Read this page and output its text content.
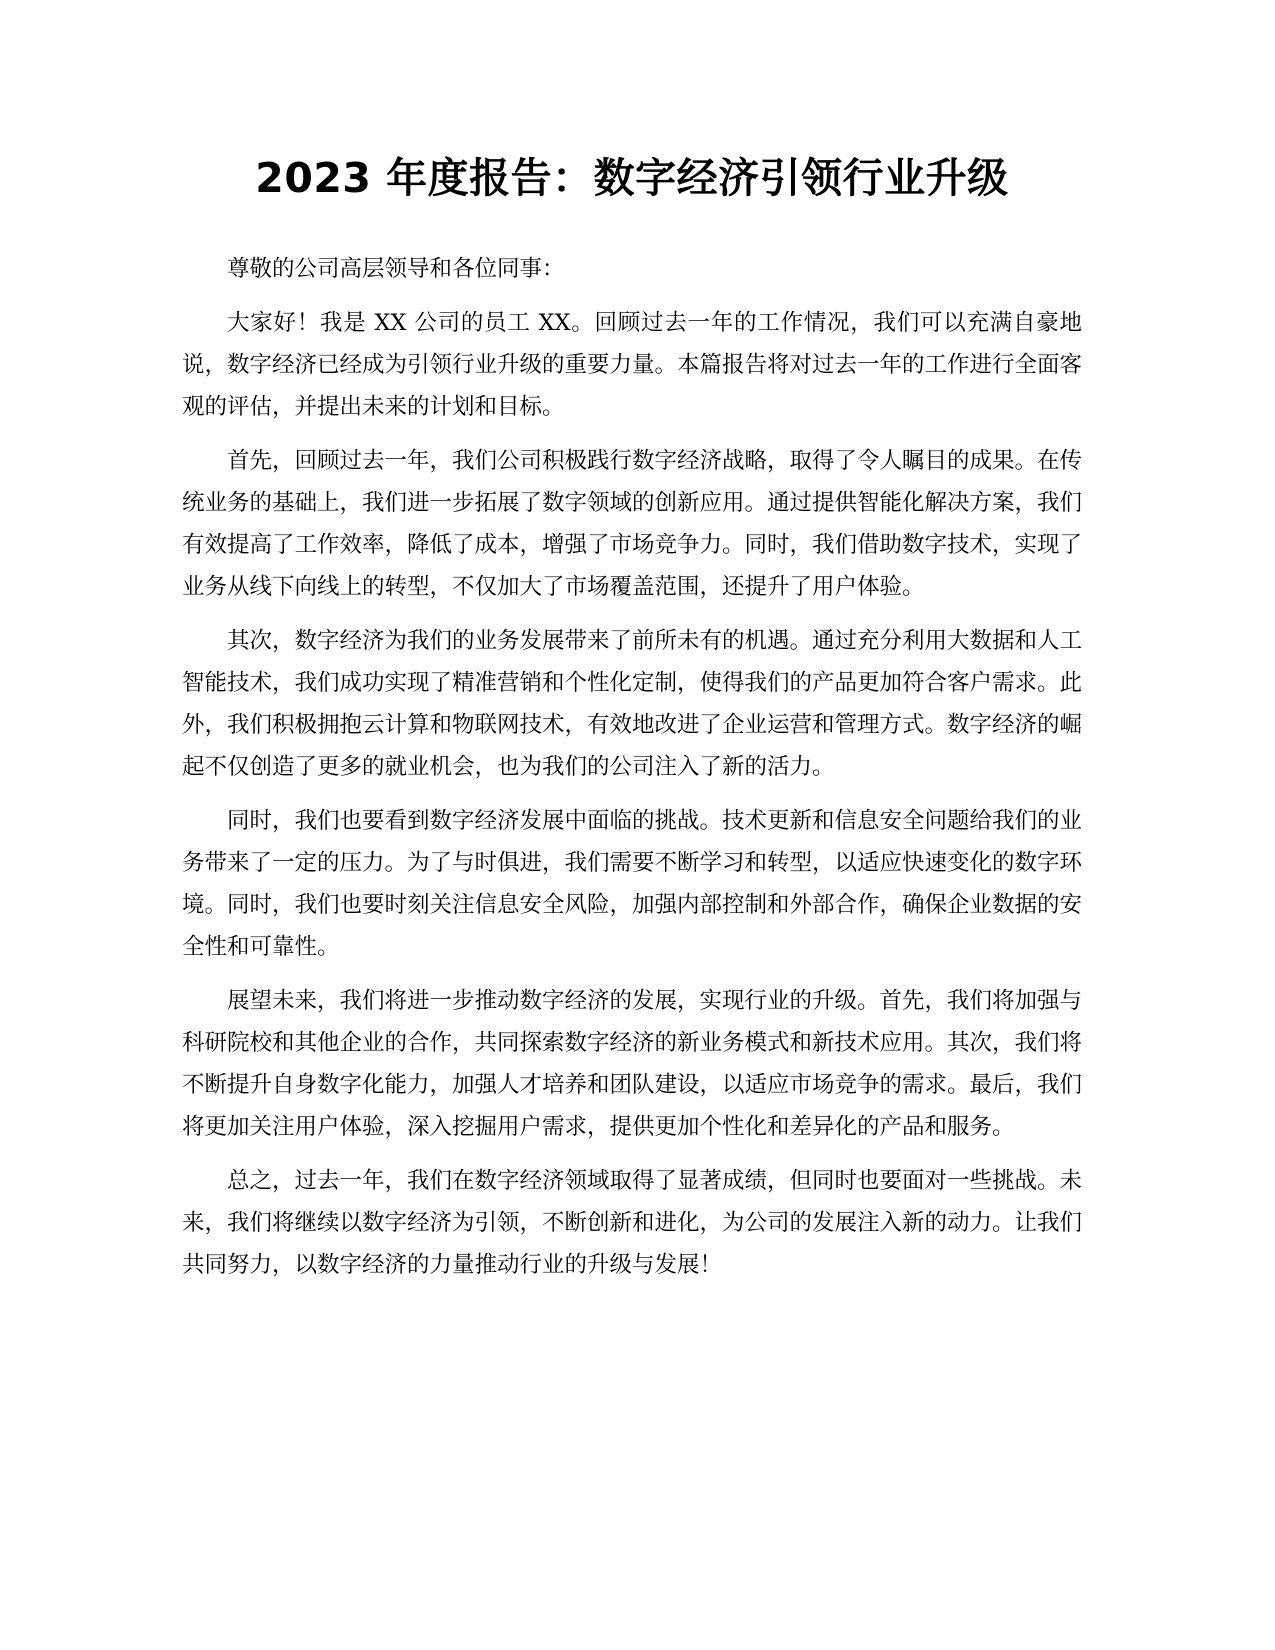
2023 年度报告：数字经济引领行业升级

尊敬的公司高层领导和各位同事：

大家好！我是 XX 公司的员工 XX。回顾过去一年的工作情况，我们可以充满自豪地说，数字经济已经成为引领行业升级的重要力量。本篇报告将对过去一年的工作进行全面客观的评估，并提出未来的计划和目标。

首先，回顾过去一年，我们公司积极践行数字经济战略，取得了令人瞩目的成果。在传统业务的基础上，我们进一步拓展了数字领域的创新应用。通过提供智能化解决方案，我们有效提高了工作效率，降低了成本，增强了市场竞争力。同时，我们借助数字技术，实现了业务从线下向线上的转型，不仅加大了市场覆盖范围，还提升了用户体验。

其次，数字经济为我们的业务发展带来了前所未有的机遇。通过充分利用大数据和人工智能技术，我们成功实现了精准营销和个性化定制，使得我们的产品更加符合客户需求。此外，我们积极拥抱云计算和物联网技术，有效地改进了企业运营和管理方式。数字经济的崛起不仅创造了更多的就业机会，也为我们的公司注入了新的活力。

同时，我们也要看到数字经济发展中面临的挑战。技术更新和信息安全问题给我们的业务带来了一定的压力。为了与时俱进，我们需要不断学习和转型，以适应快速变化的数字环境。同时，我们也要时刻关注信息安全风险，加强内部控制和外部合作，确保企业数据的安全性和可靠性。

展望未来，我们将进一步推动数字经济的发展，实现行业的升级。首先，我们将加强与科研院校和其他企业的合作，共同探索数字经济的新业务模式和新技术应用。其次，我们将不断提升自身数字化能力，加强人才培养和团队建设，以适应市场竞争的需求。最后，我们将更加关注用户体验，深入挖掘用户需求，提供更加个性化和差异化的产品和服务。

总之，过去一年，我们在数字经济领域取得了显著成绩，但同时也要面对一些挑战。未来，我们将继续以数字经济为引领，不断创新和进化，为公司的发展注入新的动力。让我们共同努力，以数字经济的力量推动行业的升级与发展！
